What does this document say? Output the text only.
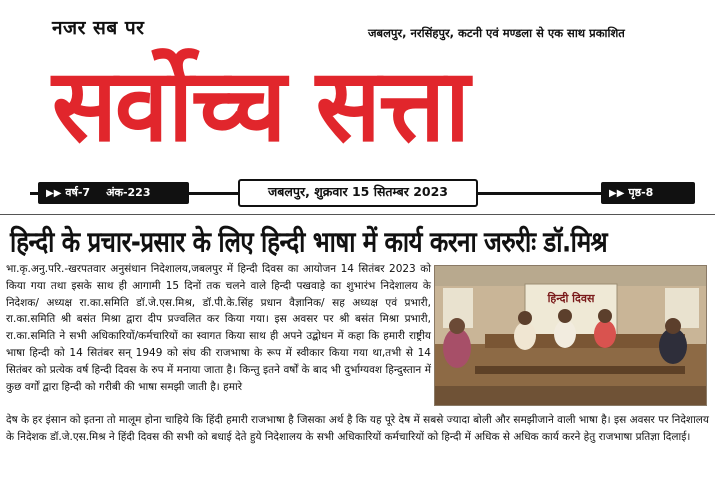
नजर सब पर	जबलपुर, नरसिंहपुर, कटनी एवं मण्डला से एक साथ प्रकाशित
सर्वोच्च सत्ता
▶▶ वर्ष-7 अंक-223	जबलपुर, शुक्रवार 15 सितम्बर 2023	▶▶ पृष्ठ-8
हिन्दी के प्रचार-प्रसार के लिए हिन्दी भाषा में कार्य करना जरुरीः डॉ.मिश्र
भा.कृ.अनु.परि.-खरपतवार अनुसंधान निदेशालय,जबलपुर में हिन्दी दिवस का आयोजन 14 सितंबर 2023 को किया गया तथा इसके साथ ही आगामी 15 दिनों तक चलने वाले हिन्दी पखवाड़े का शुभारंभ निदेशालय के निदेशक/ अध्यक्ष रा.का.समिति डॉ.जे.एस.मिश्र, डॉ.पी.के.सिंह प्रधान वैज्ञानिक/ सह अध्यक्ष एवं प्रभारी, रा.का.समिति श्री बसंत मिश्रा द्वारा दीप प्रज्वलित कर किया गया। इस अवसर पर श्री बसंत मिश्रा प्रभारी, रा.का.समिति ने सभी अधिकारियों/कर्मचारियों का स्वागत किया साथ ही अपने उद्बोधन में कहा कि हमारी राष्ट्रीय भाषा हिन्दी को 14 सितंबर सन् 1949 को संघ की राजभाषा के रूप में स्वीकार किया गया था,तभी से 14 सितंबर को प्रत्येक वर्ष हिन्दी दिवस के रुप में मनाया जाता है। किन्तु इतने वर्षों के बाद भी दुर्भाग्यवश हिन्दुस्तान में कुछ वर्गों द्वारा हिन्दी को गरीबी की भाषा समझी जाती है। हमारे
हिन्दी दिवस
देष के हर इंसान को इतना तो मालूम होना चाहिये कि हिंदी हमारी राजभाषा है जिसका अर्थ है कि यह पूरे देष में सबसे ज्यादा बोली और समझीजाने वाली भाषा है। इस अवसर पर निदेशालय के निदेशक डॉ.जे.एस.मिश्र ने हिंदी दिवस की सभी को बधाई देते हुये निदेशालय के सभी अधिकारियों कर्मचारियों को हिन्दी में अधिक से अधिक कार्य करने हेतु राजभाषा प्रतिज्ञा दिलाई।
